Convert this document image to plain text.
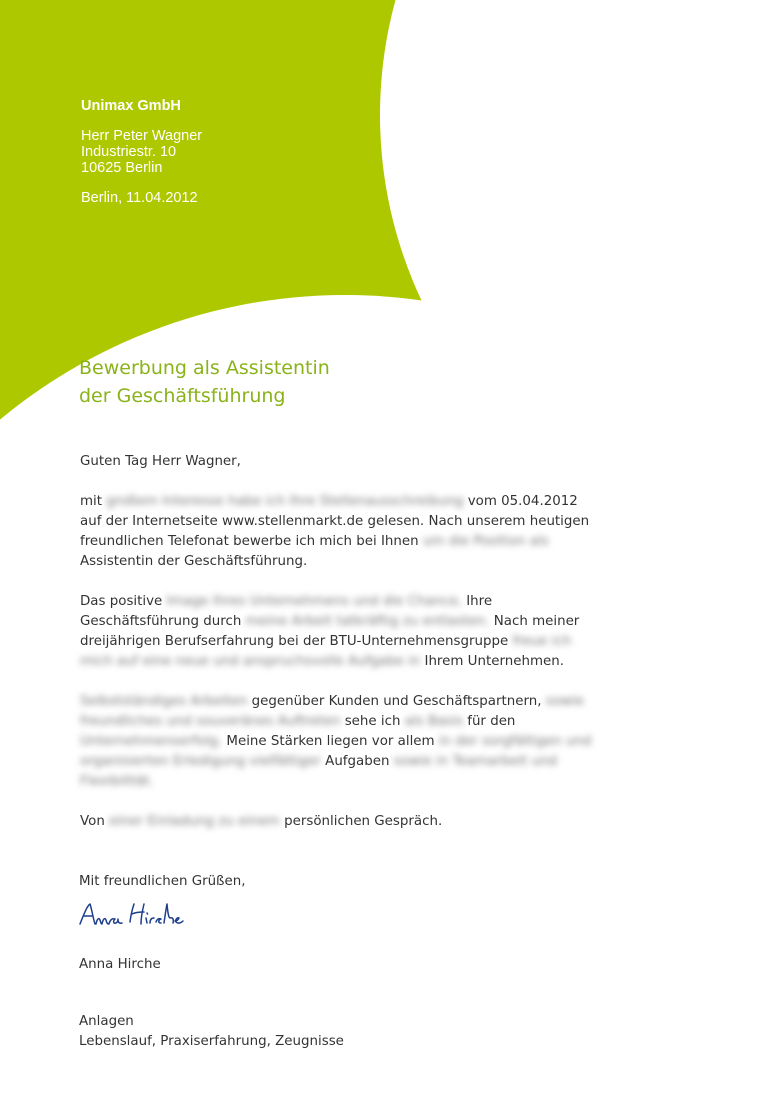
Unimax GmbH
Herr Peter Wagner
Industriestr. 10
10625 Berlin
Berlin, 11.04.2012
Bewerbung als Assistentin
der Geschäftsführung

Guten Tag Herr Wagner,

mit großem Interesse habe ich Ihre Stellenausschreibung vom 05.04.2012 auf der Internetseite www.stellenmarkt.de gelesen. Nach unserem heutigen freundlichen Telefonat bewerbe ich mich bei Ihnen um die Position als Assistentin der Geschäftsführung.

Das positive Image Ihres Unternehmens und die Chance, Ihre Geschäftsführung durch meine Arbeit tatkräftig zu entlasten. Nach meiner dreijährigen Berufserfahrung bei der BTU-Unternehmensgruppe freue ich mich auf eine neue und anspruchsvolle Aufgabe in Ihrem Unternehmen.

Selbstständiges Arbeiten gegenüber Kunden und Geschäftspartnern, sowie freundliches und souveränes Auftreten sehe ich als Basis für den Unternehmenserfolg. Meine Stärken liegen vor allem in der sorgfältigen und organisierten Erledigung vielfältiger Aufgaben sowie in Teamarbeit und Flexibilität.

Von einer Einladung zu einem persönlichen Gespräch.

Mit freundlichen Grüßen,
Anna Hirche
Anlagen
Lebenslauf, Praxiserfahrung, Zeugnisse
